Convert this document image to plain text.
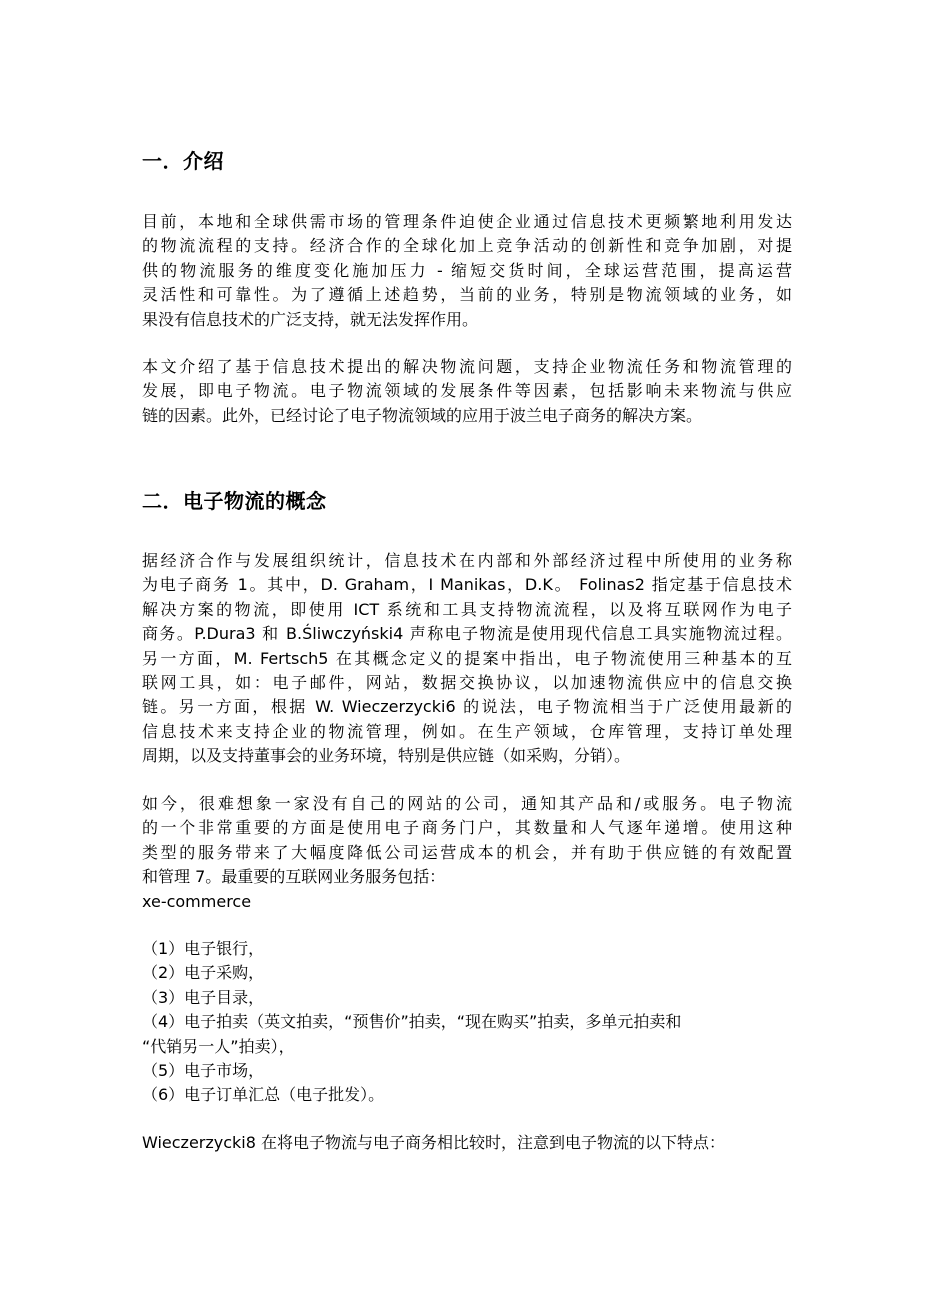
一．介绍
目前，本地和全球供需市场的管理条件迫使企业通过信息技术更频繁地利用发达
的物流流程的支持。经济合作的全球化加上竞争活动的创新性和竞争加剧，对提
供的物流服务的维度变化施加压力 - 缩短交货时间，全球运营范围，提高运营
灵活性和可靠性。为了遵循上述趋势，当前的业务，特别是物流领域的业务，如
果没有信息技术的广泛支持，就无法发挥作用。
本文介绍了基于信息技术提出的解决物流问题，支持企业物流任务和物流管理的
发展，即电子物流。电子物流领域的发展条件等因素，包括影响未来物流与供应
链的因素。此外，已经讨论了电子物流领域的应用于波兰电子商务的解决方案。
二．电子物流的概念
据经济合作与发展组织统计，信息技术在内部和外部经济过程中所使用的业务称
为电子商务 1。其中，D. Graham，I Manikas，D.K。 Folinas2 指定基于信息技术
解决方案的物流，即使用 ICT 系统和工具支持物流流程，以及将互联网作为电子
商务。P.Dura3 和 B.Śliwczyński4 声称电子物流是使用现代信息工具实施物流过程。
另一方面，M. Fertsch5 在其概念定义的提案中指出，电子物流使用三种基本的互
联网工具，如：电子邮件，网站，数据交换协议，以加速物流供应中的信息交换
链。另一方面，根据 W. Wieczerzycki6 的说法，电子物流相当于广泛使用最新的
信息技术来支持企业的物流管理，例如。在生产领域，仓库管理，支持订单处理
周期，以及支持董事会的业务环境，特别是供应链（如采购，分销）。
如今，很难想象一家没有自己的网站的公司，通知其产品和/或服务。电子物流
的一个非常重要的方面是使用电子商务门户，其数量和人气逐年递增。使用这种
类型的服务带来了大幅度降低公司运营成本的机会，并有助于供应链的有效配置
和管理 7。最重要的互联网业务服务包括：
xe-commerce
（1）电子银行，
（2）电子采购，
（3）电子目录，
（4）电子拍卖（英文拍卖，“预售价”拍卖，“现在购买”拍卖，多单元拍卖和
“代销另一人”拍卖），
（5）电子市场，
（6）电子订单汇总（电子批发）。
Wieczerzycki8 在将电子物流与电子商务相比较时，注意到电子物流的以下特点：
